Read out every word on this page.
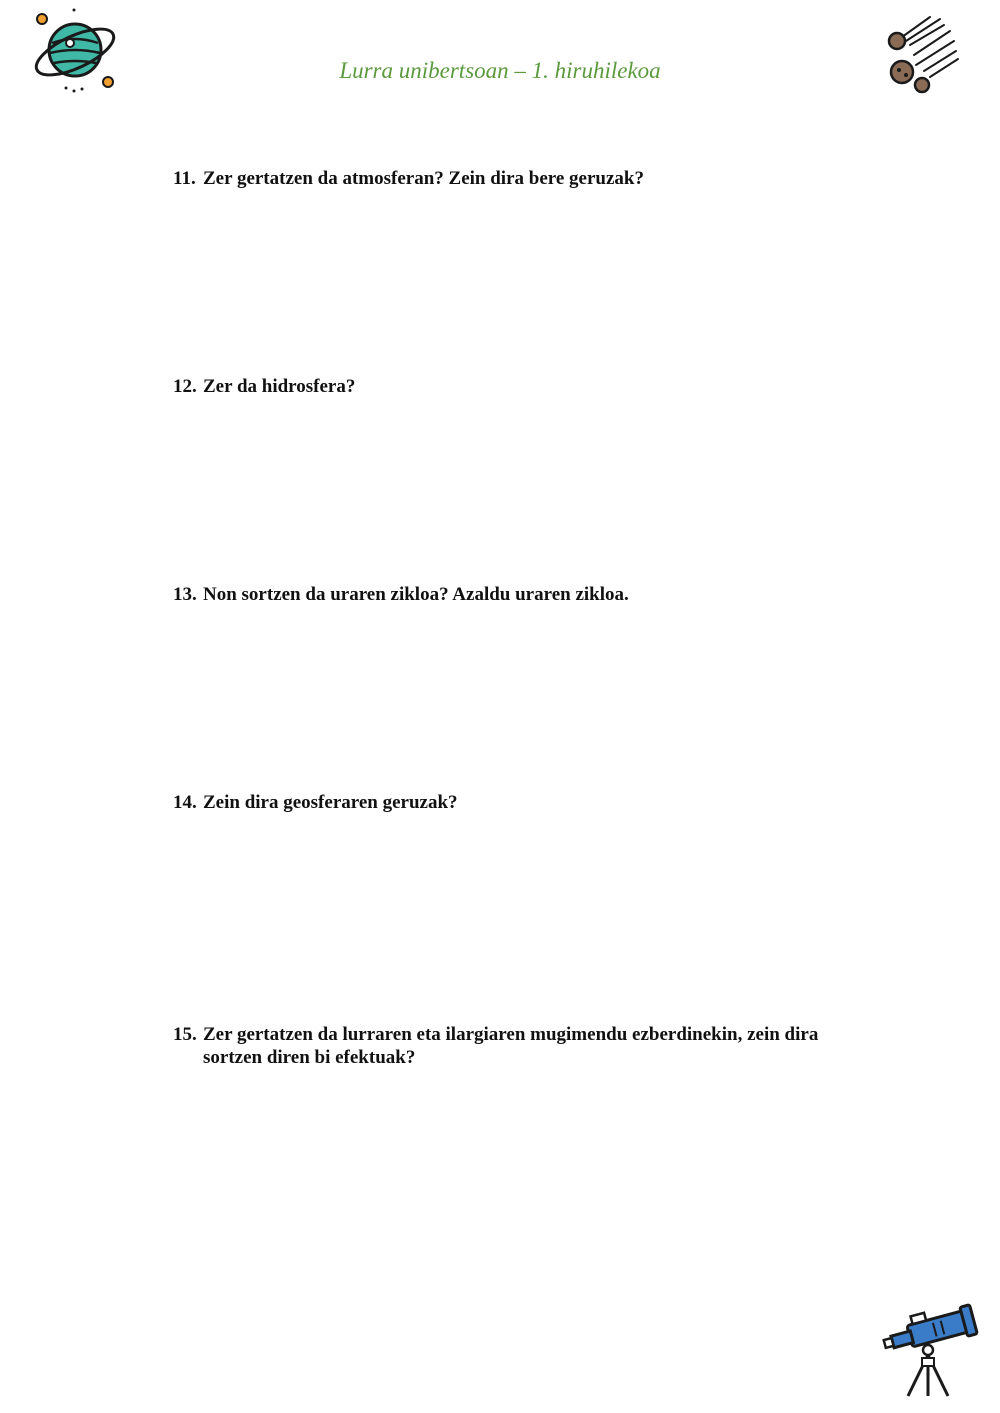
Lurra unibertsoan – 1. hiruhilekoa
11. Zer gertatzen da atmosferan? Zein dira bere geruzak?
12. Zer da hidrosfera?
13. Non sortzen da uraren zikloa? Azaldu uraren zikloa.
14. Zein dira geosferaren geruzak?
15. Zer gertatzen da lurraren eta ilargiaren mugimendu ezberdinekin, zein dira sortzen diren bi efektuak?
